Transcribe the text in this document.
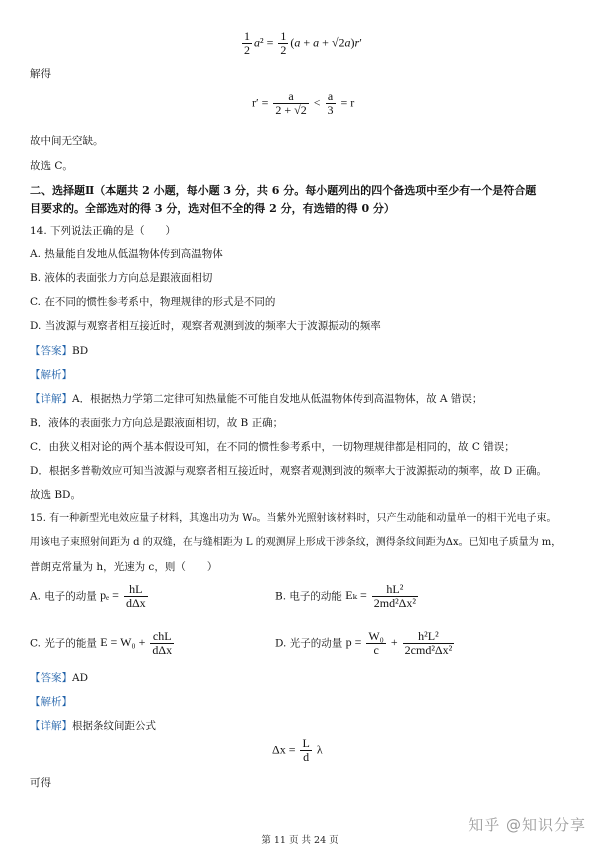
$\frac{1}{2} a^2 = \frac{1}{2} (a + a + √2a)r'$
解得
$r' = \frac{a}{2 + √2} < \frac{a}{3} = r$
故中间无空缺。
故选 C。
二、选择题Ⅱ（本题共 2 小题，每小题 3 分，共 6 分。每小题列出的四个备选项中至少有一个是符合题
目要求的。全部选对的得 3 分，选对但不全的得 2 分，有选错的得 0 分）
14. 下列说法正确的是（　　）
A. 热量能自发地从低温物体传到高温物体
B. 液体的表面张力方向总是跟液面相切
C. 在不同的惯性参考系中，物理规律的形式是不同的
D. 当波源与观察者相互接近时，观察者观测到波的频率大于波源振动的频率
【答案】BD
【解析】
【详解】A．根据热力学第二定律可知热量能不可能自发地从低温物体传到高温物体，故 A 错误；
B．液体的表面张力方向总是跟液面相切，故 B 正确；
C．由狭义相对论的两个基本假设可知，在不同的惯性参考系中，一切物理规律都是相同的，故 C 错误；
D．根据多普勒效应可知当波源与观察者相互接近时，观察者观测到波的频率大于波源振动的频率，故 D 正确。
故选 BD。
15. 有一种新型光电效应量子材料，其逸出功为 W₀。当紫外光照射该材料时，只产生动能和动量单一的相干光电子束。
用该电子束照射间距为 d 的双缝，在与缝相距为 L 的观测屏上形成干涉条纹，测得条纹间距为Δx。已知电子质量为 m，
普朗克常量为 h，光速为 c，则（　　）
A. 电子的动量 $p_e = \frac{hL}{\text{dΔx}}$	B. 电子的动能 $E_k = \frac{\text{hL²}}{\text{2md²Δx²}}$
C. 光子的能量 $E = W_0 + \frac{\text{chL}}{\text{dΔx}}$	D. 光子的动量 $p = \frac{\text{W₀}}{c} + \frac{\text{h²L²}}{\text{2cmd²Δx²}}$
【答案】AD
【解析】
【详解】根据条纹间距公式
$\Delta x = \frac{L}{d}$ λ
可得
知乎 @知识分享
第 11 页 共 24 页
